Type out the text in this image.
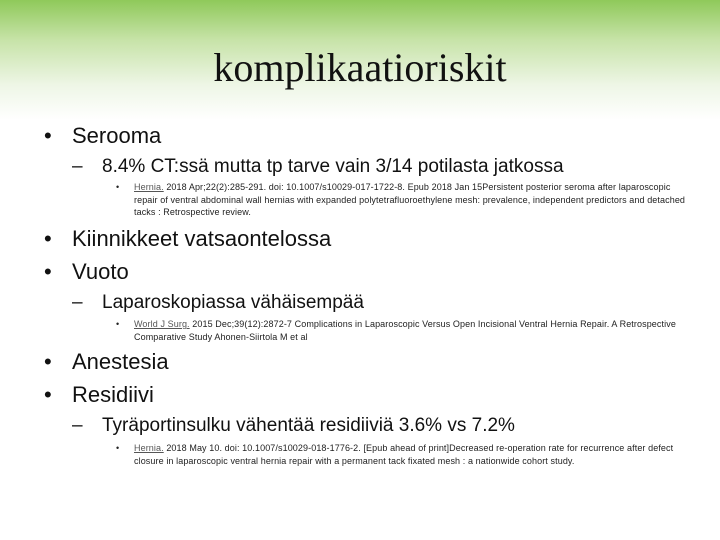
komplikaatioriskit
• Serooma
– 8.4% CT:ssä mutta tp tarve vain 3/14 potilasta jatkossa
• Hernia. 2018 Apr;22(2):285-291. doi: 10.1007/s10029-017-1722-8. Epub 2018 Jan 15Persistent posterior seroma after laparoscopic repair of ventral abdominal wall hernias with expanded polytetrafluoroethylene mesh: prevalence, independent predictors and detached tacks : Retrospective review.
• Kiinnikkeet vatsaontelossa
• Vuoto
– Laparoskopiassa vähäisempää
• World J Surg. 2015 Dec;39(12):2872-7 Complications in Laparoscopic Versus Open Incisional Ventral Hernia Repair. A Retrospective Comparative Study Ahonen-Siirtola M et al
• Anestesia
• Residiivi
– Tyräportinsulku vähentää residiiviä 3.6% vs 7.2%
• Hernia. 2018 May 10. doi: 10.1007/s10029-018-1776-2. [Epub ahead of print]Decreased re-operation rate for recurrence after defect closure in laparoscopic ventral hernia repair with a permanent tack fixated mesh : a nationwide cohort study.
